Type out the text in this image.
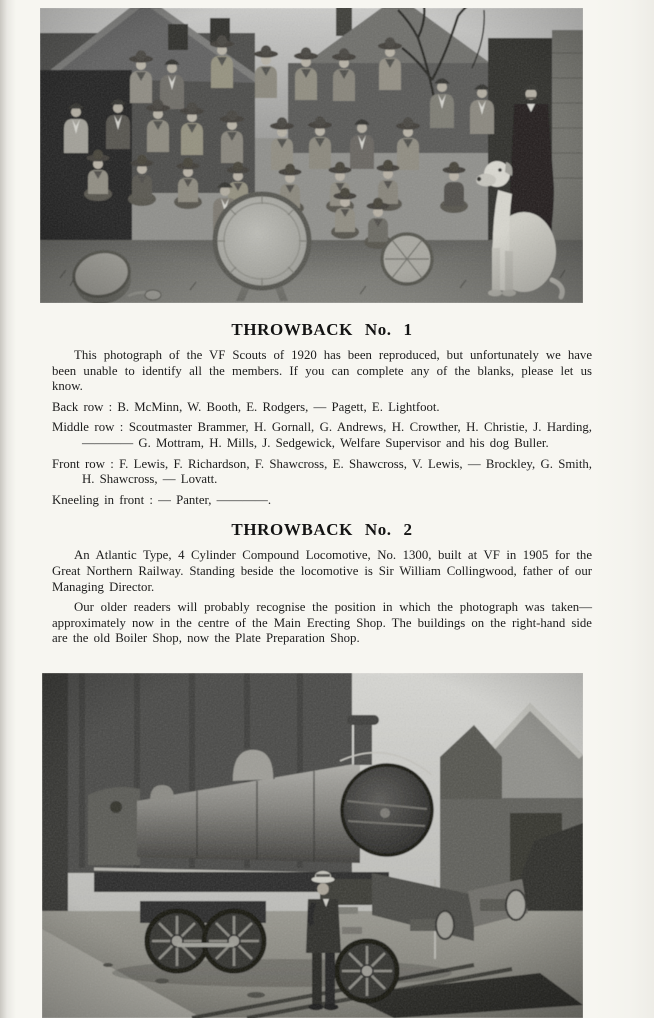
THROWBACK No. 1

This photograph of the VF Scouts of 1920 has been reproduced, but unfortunately we have been unable to identify all the members. If you can complete any of the blanks, please let us know.

Back row : B. McMinn, W. Booth, E. Rodgers, — Pagett, E. Lightfoot.

Middle row : Scoutmaster Brammer, H. Gornall, G. Andrews, H. Crowther, H. Christie, J. Harding, ———— G. Mottram, H. Mills, J. Sedgewick, Welfare Supervisor and his dog Buller.

Front row : F. Lewis, F. Richardson, F. Shawcross, E. Shawcross, V. Lewis, — Brockley, G. Smith, H. Shawcross, — Lovatt.

Kneeling in front : — Panter, ————.

THROWBACK No. 2

An Atlantic Type, 4 Cylinder Compound Locomotive, No. 1300, built at VF in 1905 for the Great Northern Railway. Standing beside the locomotive is Sir William Collingwood, father of our Managing Director.

Our older readers will probably recognise the position in which the photograph was taken—approximately now in the centre of the Main Erecting Shop. The buildings on the right-hand side are the old Boiler Shop, now the Plate Preparation Shop.
